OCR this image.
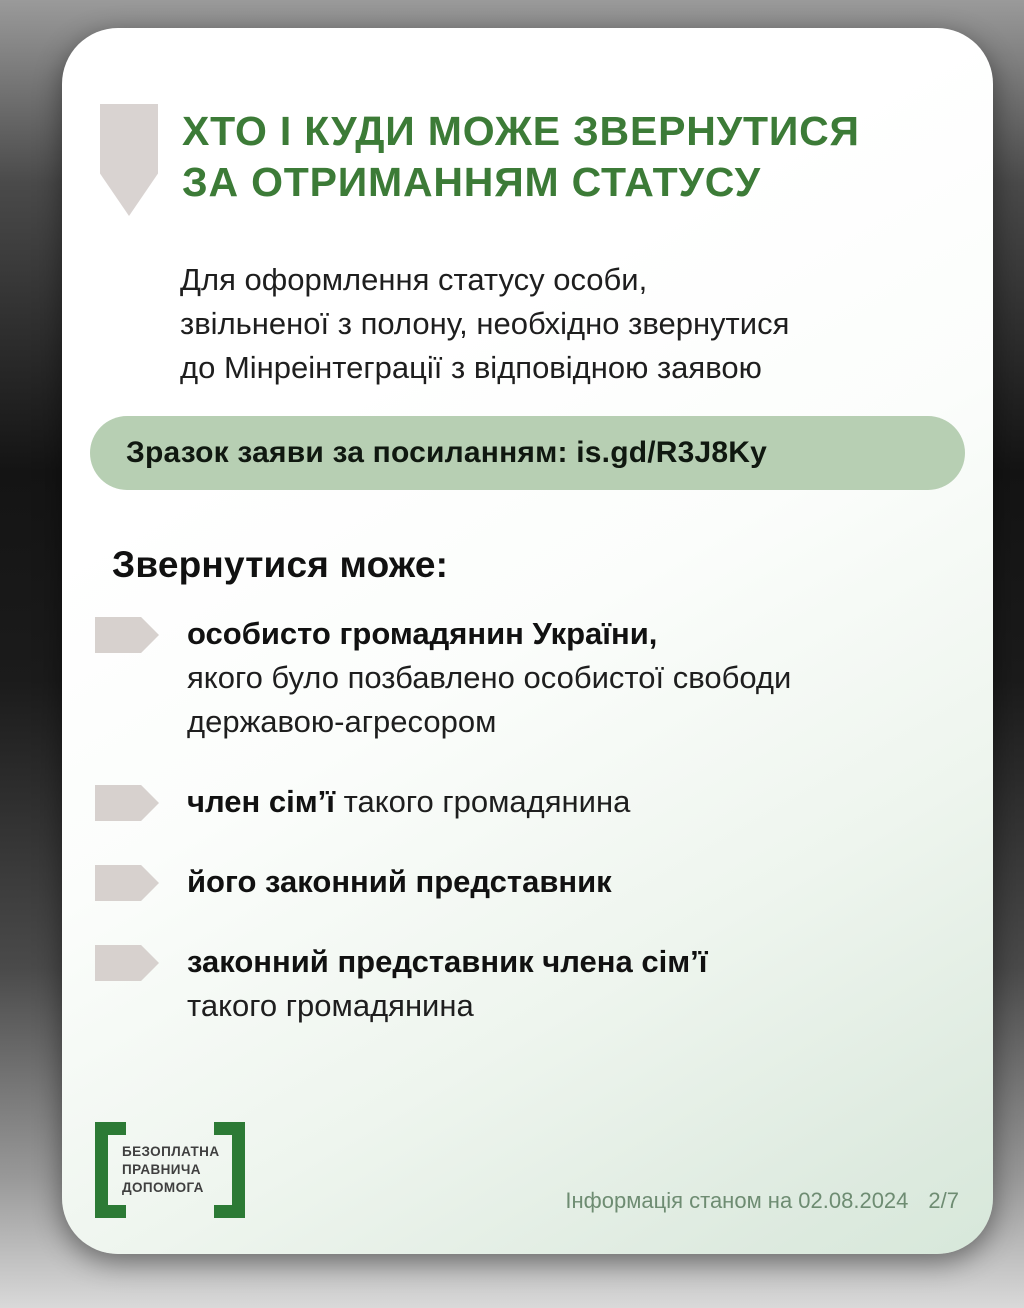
ХТО І КУДИ МОЖЕ ЗВЕРНУТИСЯ
ЗА ОТРИМАННЯМ СТАТУСУ
Для оформлення статусу особи,
звільненої з полону, необхідно звернутися
до Мінреінтеграції з відповідною заявою
Зразок заяви за посиланням: is.gd/R3J8Ky
Звернутися може:
особисто громадянин України,
якого було позбавлено особистої свободи державою-агресором
член сім’ї такого громадянина
його законний представник
законний представник члена сім’ї
такого громадянина
БЕЗОПЛАТНА
ПРАВНИЧА
ДОПОМОГА
Інформація станом на 02.08.2024 2/7
